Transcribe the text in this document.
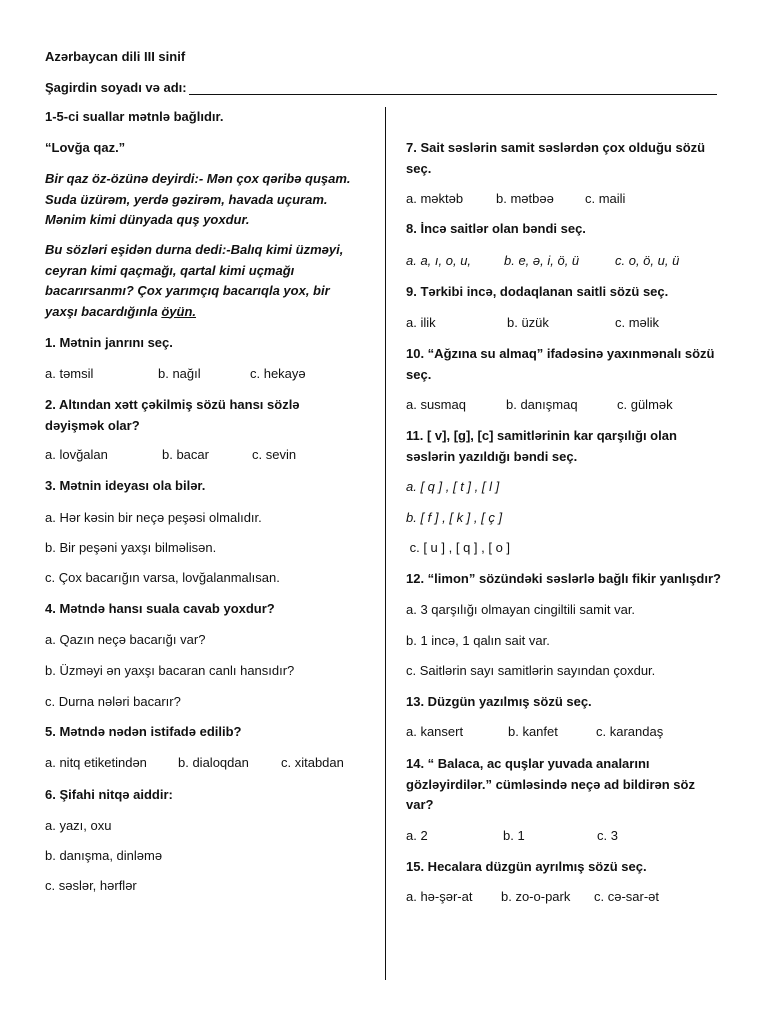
Azərbaycan dili III sinif
Şagirdin soyadı və adı:
1-5-ci suallar mətnlə bağlıdır.
“Lovğa qaz.”
Bir qaz öz-özünə deyirdi:- Mən çox qəribə quşam.
Suda üzürəm, yerdə gəzirəm, havada uçuram.
Mənim kimi dünyada quş yoxdur.
Bu sözləri eşidən durna dedi:-Balıq kimi üzməyi,
ceyran kimi qaçmağı, qartal kimi uçmağı
bacarırsanmı? Çox yarımçıq bacarıqla yox, bir
yaxşı bacardığınla öyün.
1. Mətnin janrını seç.
a. təmsil	b. nağıl	c. hekayə
2. Altından xətt çəkilmiş sözü hansı sözlə
dəyişmək olar?
a. lovğalan	b. bacar	c. sevin
3. Mətnin ideyası ola bilər.
a. Hər kəsin bir neçə peşəsi olmalıdır.
b. Bir peşəni yaxşı bilməlisən.
c. Çox bacarığın varsa, lovğalanmalısan.
4. Mətndə hansı suala cavab yoxdur?
a. Qazın neçə bacarığı var?
b. Üzməyi ən yaxşı bacaran canlı hansıdır?
c. Durna nələri bacarır?
5. Mətndə nədən istifadə edilib?
a. nitq etiketindən b. dialoqdan c. xitabdan
6. Şifahi nitqə aiddir:
a. yazı, oxu
b. danışma, dinləmə
c. səslər, hərflər
7. Sait səslərin samit səslərdən çox olduğu sözü
seç.
a. məktəb	b. mətbəə c. maili
8. İncə saitlər olan bəndi seç.
a. a, ı, o, u,	b. e, ə, i, ö, ü	c. o, ö, u, ü
9. Tərkibi incə, dodaqlanan saitli sözü seç.
a. ilik	b. üzük	c. məlik
10. “Ağzına su almaq” ifadəsinə yaxınmənalı sözü
seç.
a. susmaq	b. danışmaq	c. gülmək
11. [ v], [g], [c] samitlərinin kar qarşılığı olan
səslərin yazıldığı bəndi seç.
a. [ q ] , [ t ] , [ l ]
b. [ f ] , [ k ] , [ ç ]
c. [ u ] , [ q ] , [ o ]
12. “limon” sözündəki səslərlə bağlı fikir yanlışdır?
a. 3 qarşılığı olmayan cingiltili samit var.
b. 1 incə, 1 qalın sait var.
c. Saitlərin sayı samitlərin sayından çoxdur.
13. Düzgün yazılmış sözü seç.
a. kansert	b. kanfet	c. karandaş
14. “ Balaca, ac quşlar yuvada analarını
gözləyirdilər.” cümləsində neçə ad bildirən söz
var?
a. 2	b. 1	c. 3
15. Hecalara düzgün ayrılmış sözü seç.
a. hə-şər-at b. zo-o-park c. cə-sar-ət
